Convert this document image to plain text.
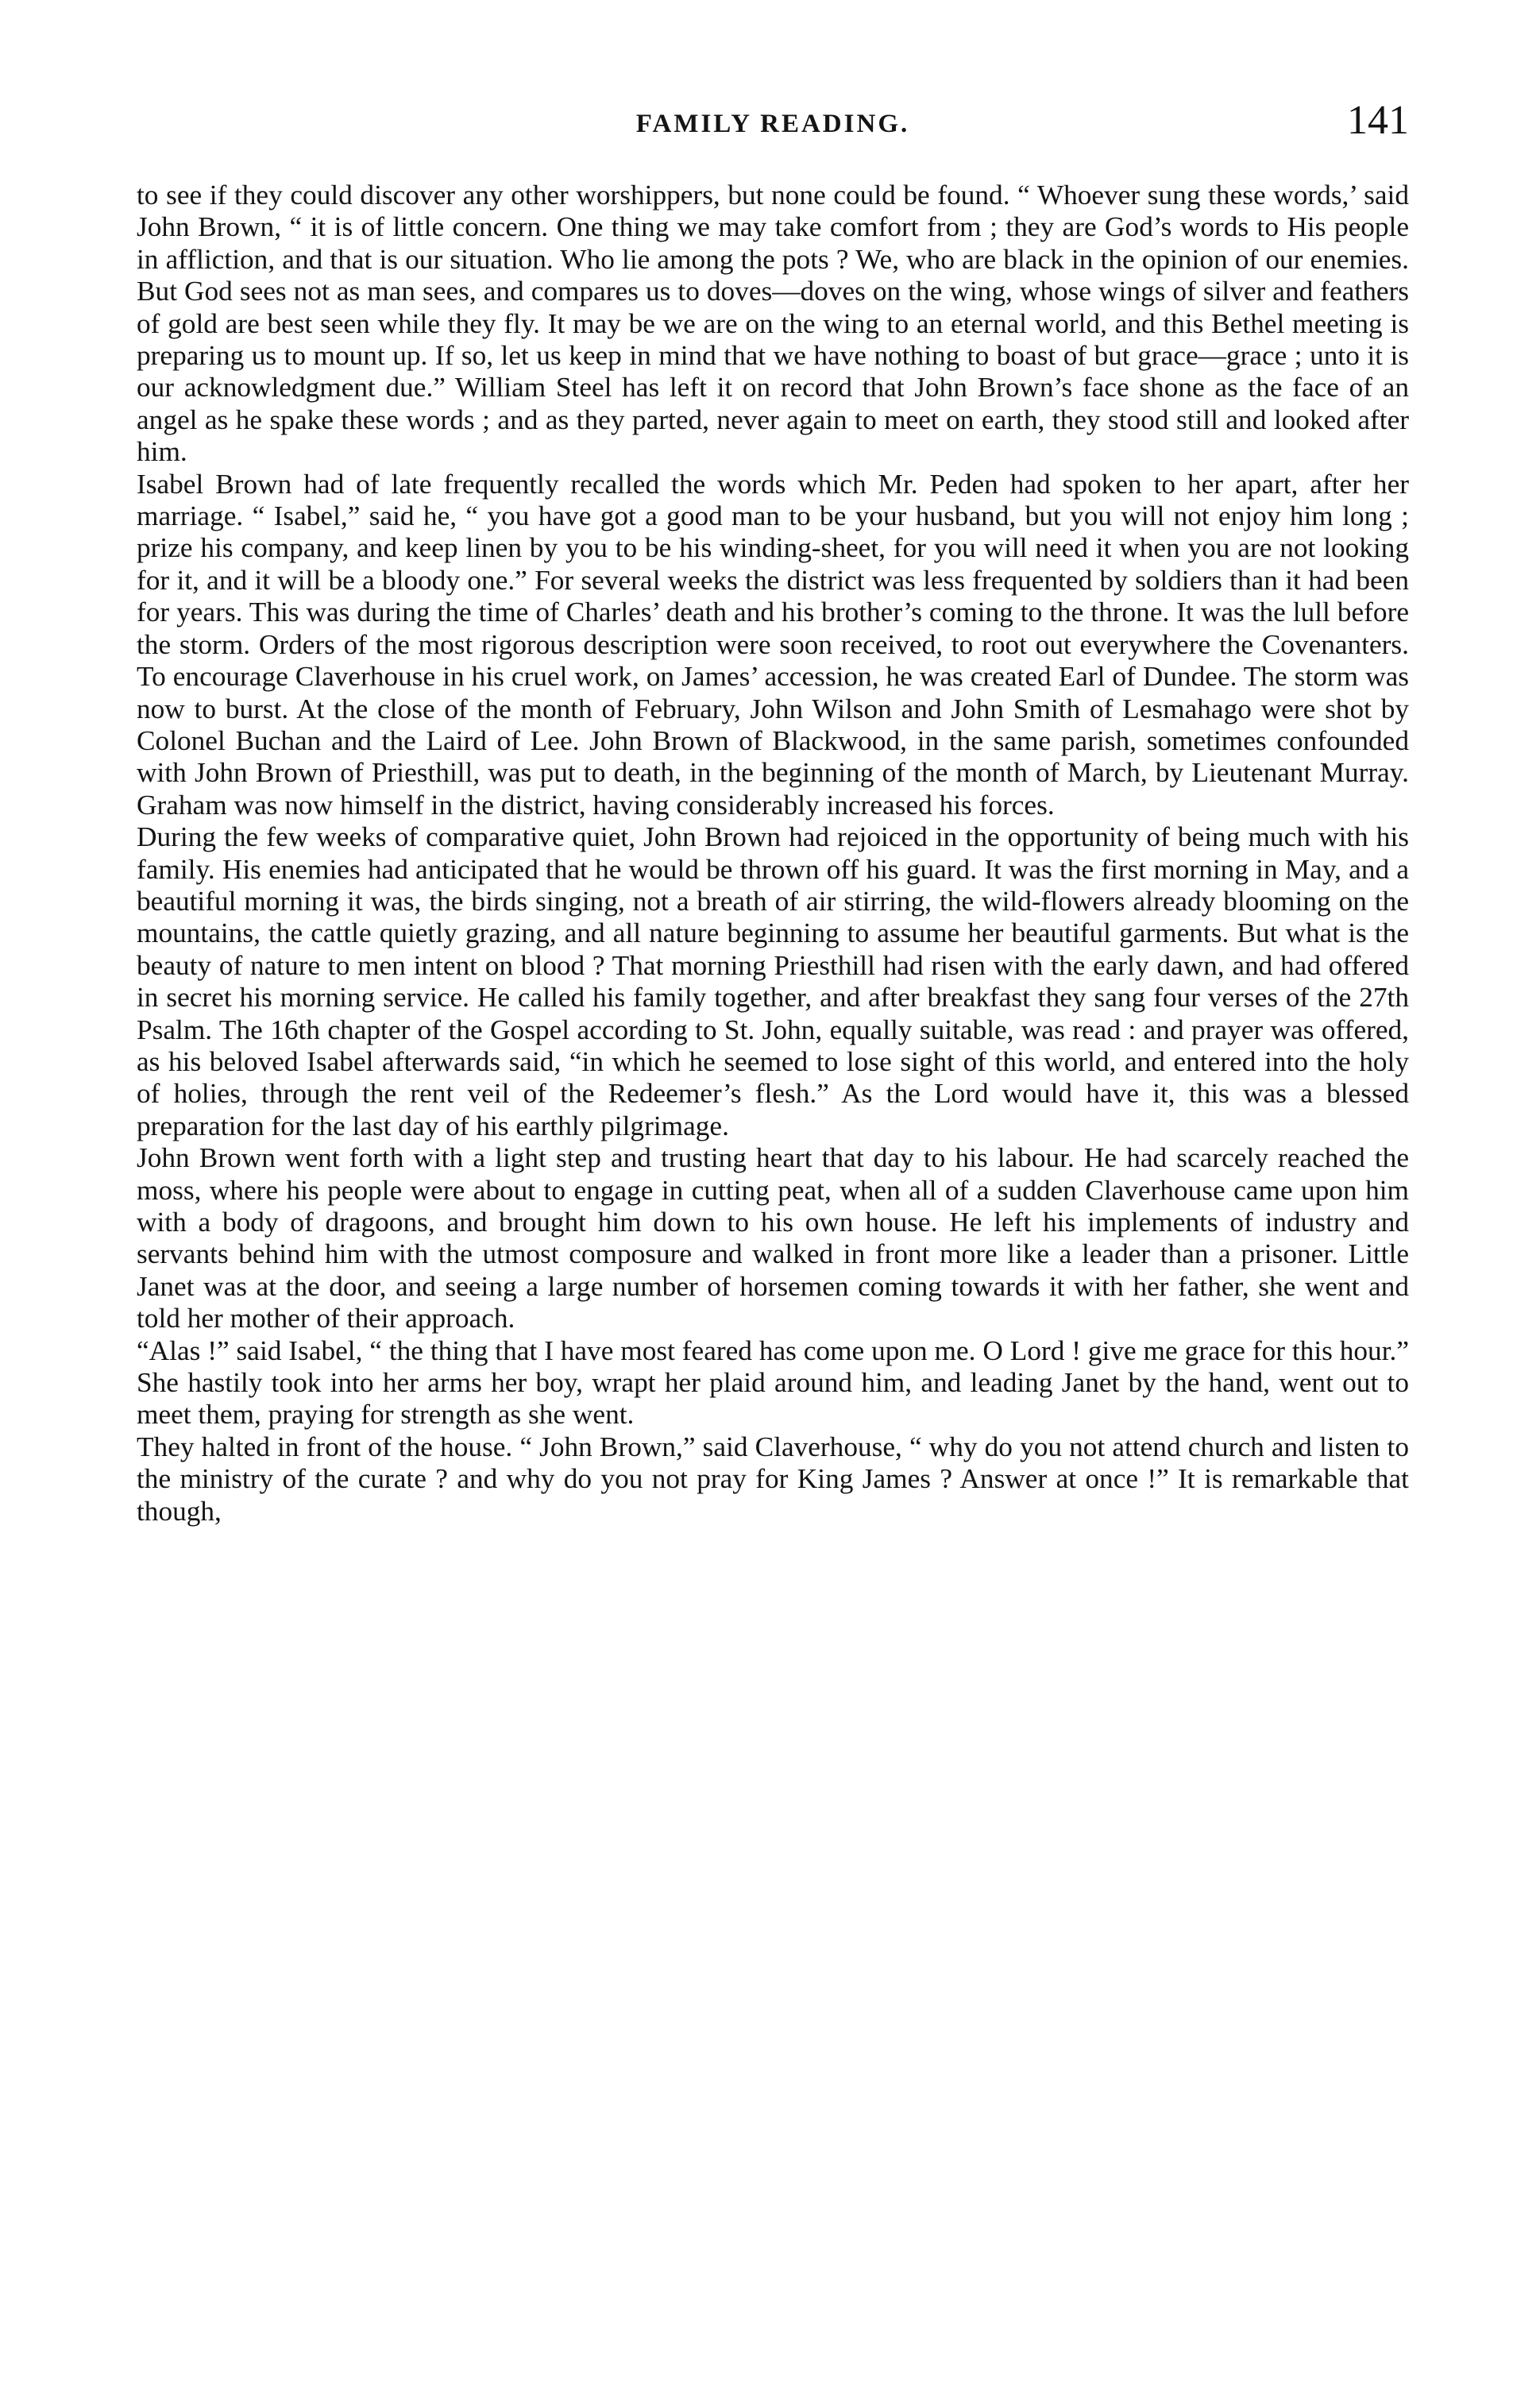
FAMILY READING.	141

to see if they could discover any other worshippers, but none could be found. “ Whoever sung these words,’ said John Brown, “ it is of little concern. One thing we may take comfort from ; they are God’s words to His people in affliction, and that is our situation. Who lie among the pots ? We, who are black in the opinion of our enemies. But God sees not as man sees, and compares us to doves—doves on the wing, whose wings of silver and feathers of gold are best seen while they fly. It may be we are on the wing to an eternal world, and this Bethel meeting is preparing us to mount up. If so, let us keep in mind that we have nothing to boast of but grace—grace ; unto it is our acknowledgment due.” William Steel has left it on record that John Brown’s face shone as the face of an angel as he spake these words ; and as they parted, never again to meet on earth, they stood still and looked after him.

Isabel Brown had of late frequently recalled the words which Mr. Peden had spoken to her apart, after her marriage. “ Isabel,” said he, “ you have got a good man to be your husband, but you will not enjoy him long ; prize his company, and keep linen by you to be his winding-sheet, for you will need it when you are not looking for it, and it will be a bloody one.” For several weeks the district was less frequented by soldiers than it had been for years. This was during the time of Charles’ death and his brother’s coming to the throne. It was the lull before the storm. Orders of the most rigorous description were soon received, to root out everywhere the Covenanters. To encourage Claverhouse in his cruel work, on James’ accession, he was created Earl of Dundee. The storm was now to burst. At the close of the month of February, John Wilson and John Smith of Lesmahago were shot by Colonel Buchan and the Laird of Lee. John Brown of Blackwood, in the same parish, sometimes confounded with John Brown of Priesthill, was put to death, in the beginning of the month of March, by Lieutenant Murray. Graham was now himself in the district, having considerably increased his forces.

During the few weeks of comparative quiet, John Brown had rejoiced in the opportunity of being much with his family. His enemies had anticipated that he would be thrown off his guard. It was the first morning in May, and a beautiful morning it was, the birds singing, not a breath of air stirring, the wild-flowers already blooming on the mountains, the cattle quietly grazing, and all nature beginning to assume her beautiful garments. But what is the beauty of nature to men intent on blood ? That morning Priesthill had risen with the early dawn, and had offered in secret his morning service. He called his family together, and after breakfast they sang four verses of the 27th Psalm. The 16th chapter of the Gospel according to St. John, equally suitable, was read : and prayer was offered, as his beloved Isabel afterwards said, “in which he seemed to lose sight of this world, and entered into the holy of holies, through the rent veil of the Redeemer’s flesh.” As the Lord would have it, this was a blessed preparation for the last day of his earthly pilgrimage.

John Brown went forth with a light step and trusting heart that day to his labour. He had scarcely reached the moss, where his people were about to engage in cutting peat, when all of a sudden Claverhouse came upon him with a body of dragoons, and brought him down to his own house. He left his implements of industry and servants behind him with the utmost composure and walked in front more like a leader than a prisoner. Little Janet was at the door, and seeing a large number of horsemen coming towards it with her father, she went and told her mother of their approach.

“Alas !” said Isabel, “ the thing that I have most feared has come upon me. O Lord ! give me grace for this hour.” She hastily took into her arms her boy, wrapt her plaid around him, and leading Janet by the hand, went out to meet them, praying for strength as she went.

They halted in front of the house. “ John Brown,” said Claverhouse, “ why do you not attend church and listen to the ministry of the curate ? and why do you not pray for King James ? Answer at once !” It is remarkable that though,
